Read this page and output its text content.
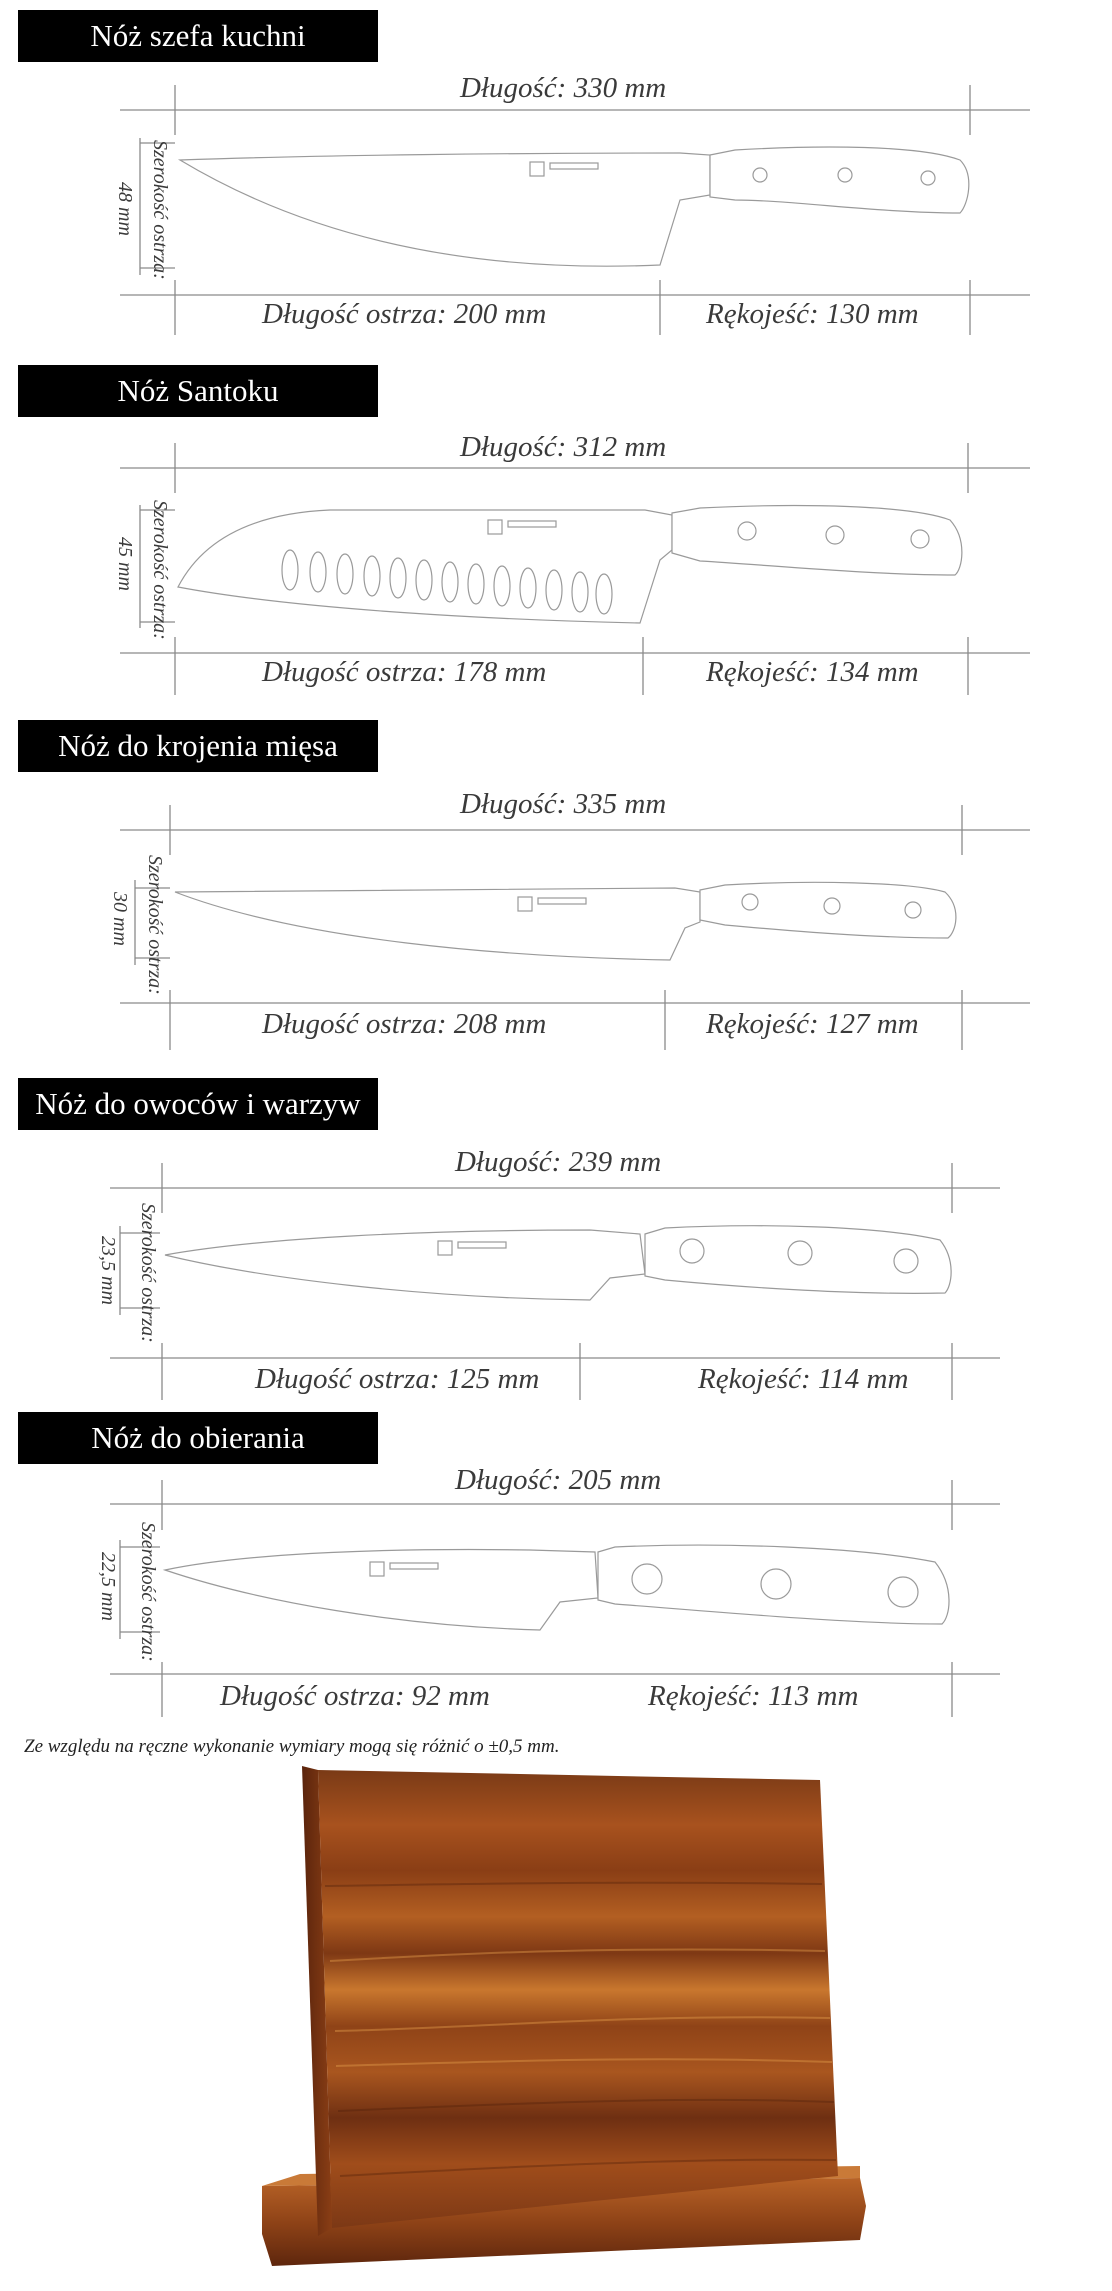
Nóż szefa kuchni
Długość: 330 mm
Długość ostrza: 200 mm	Rękojeść: 130 mm
Szerokość ostrza:
48 mm
Nóż Santoku
Długość: 312 mm
Długość ostrza: 178 mm	Rękojeść: 134 mm
Szerokość ostrza:
45 mm
Nóż do krojenia mięsa
Długość: 335 mm
Długość ostrza: 208 mm	Rękojeść: 127 mm
Szerokość ostrza:
30 mm
Nóż do owoców i warzyw
Długość: 239 mm
Długość ostrza: 125 mm	Rękojeść: 114 mm
Szerokość ostrza:
23,5 mm
Nóż do obierania
Długość: 205 mm
Długość ostrza: 92 mm	Rękojeść: 113 mm
Szerokość ostrza:
22,5 mm
Ze względu na ręczne wykonanie wymiary mogą się różnić o ±0,5 mm.
